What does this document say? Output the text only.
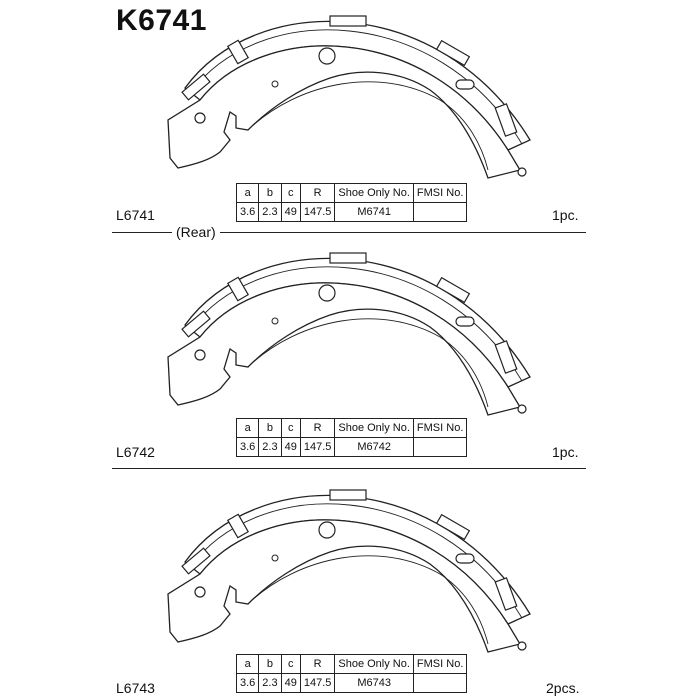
K6741
a	b	c	R	Shoe Only No.	FMSI No.
3.6	2.3	49	147.5	M6741	
L6741	1pc.
(Rear)
a	b	c	R	Shoe Only No.	FMSI No.
3.6	2.3	49	147.5	M6742	
L6742	1pc.
a	b	c	R	Shoe Only No.	FMSI No.
3.6	2.3	49	147.5	M6743	
L6743	2pcs.
